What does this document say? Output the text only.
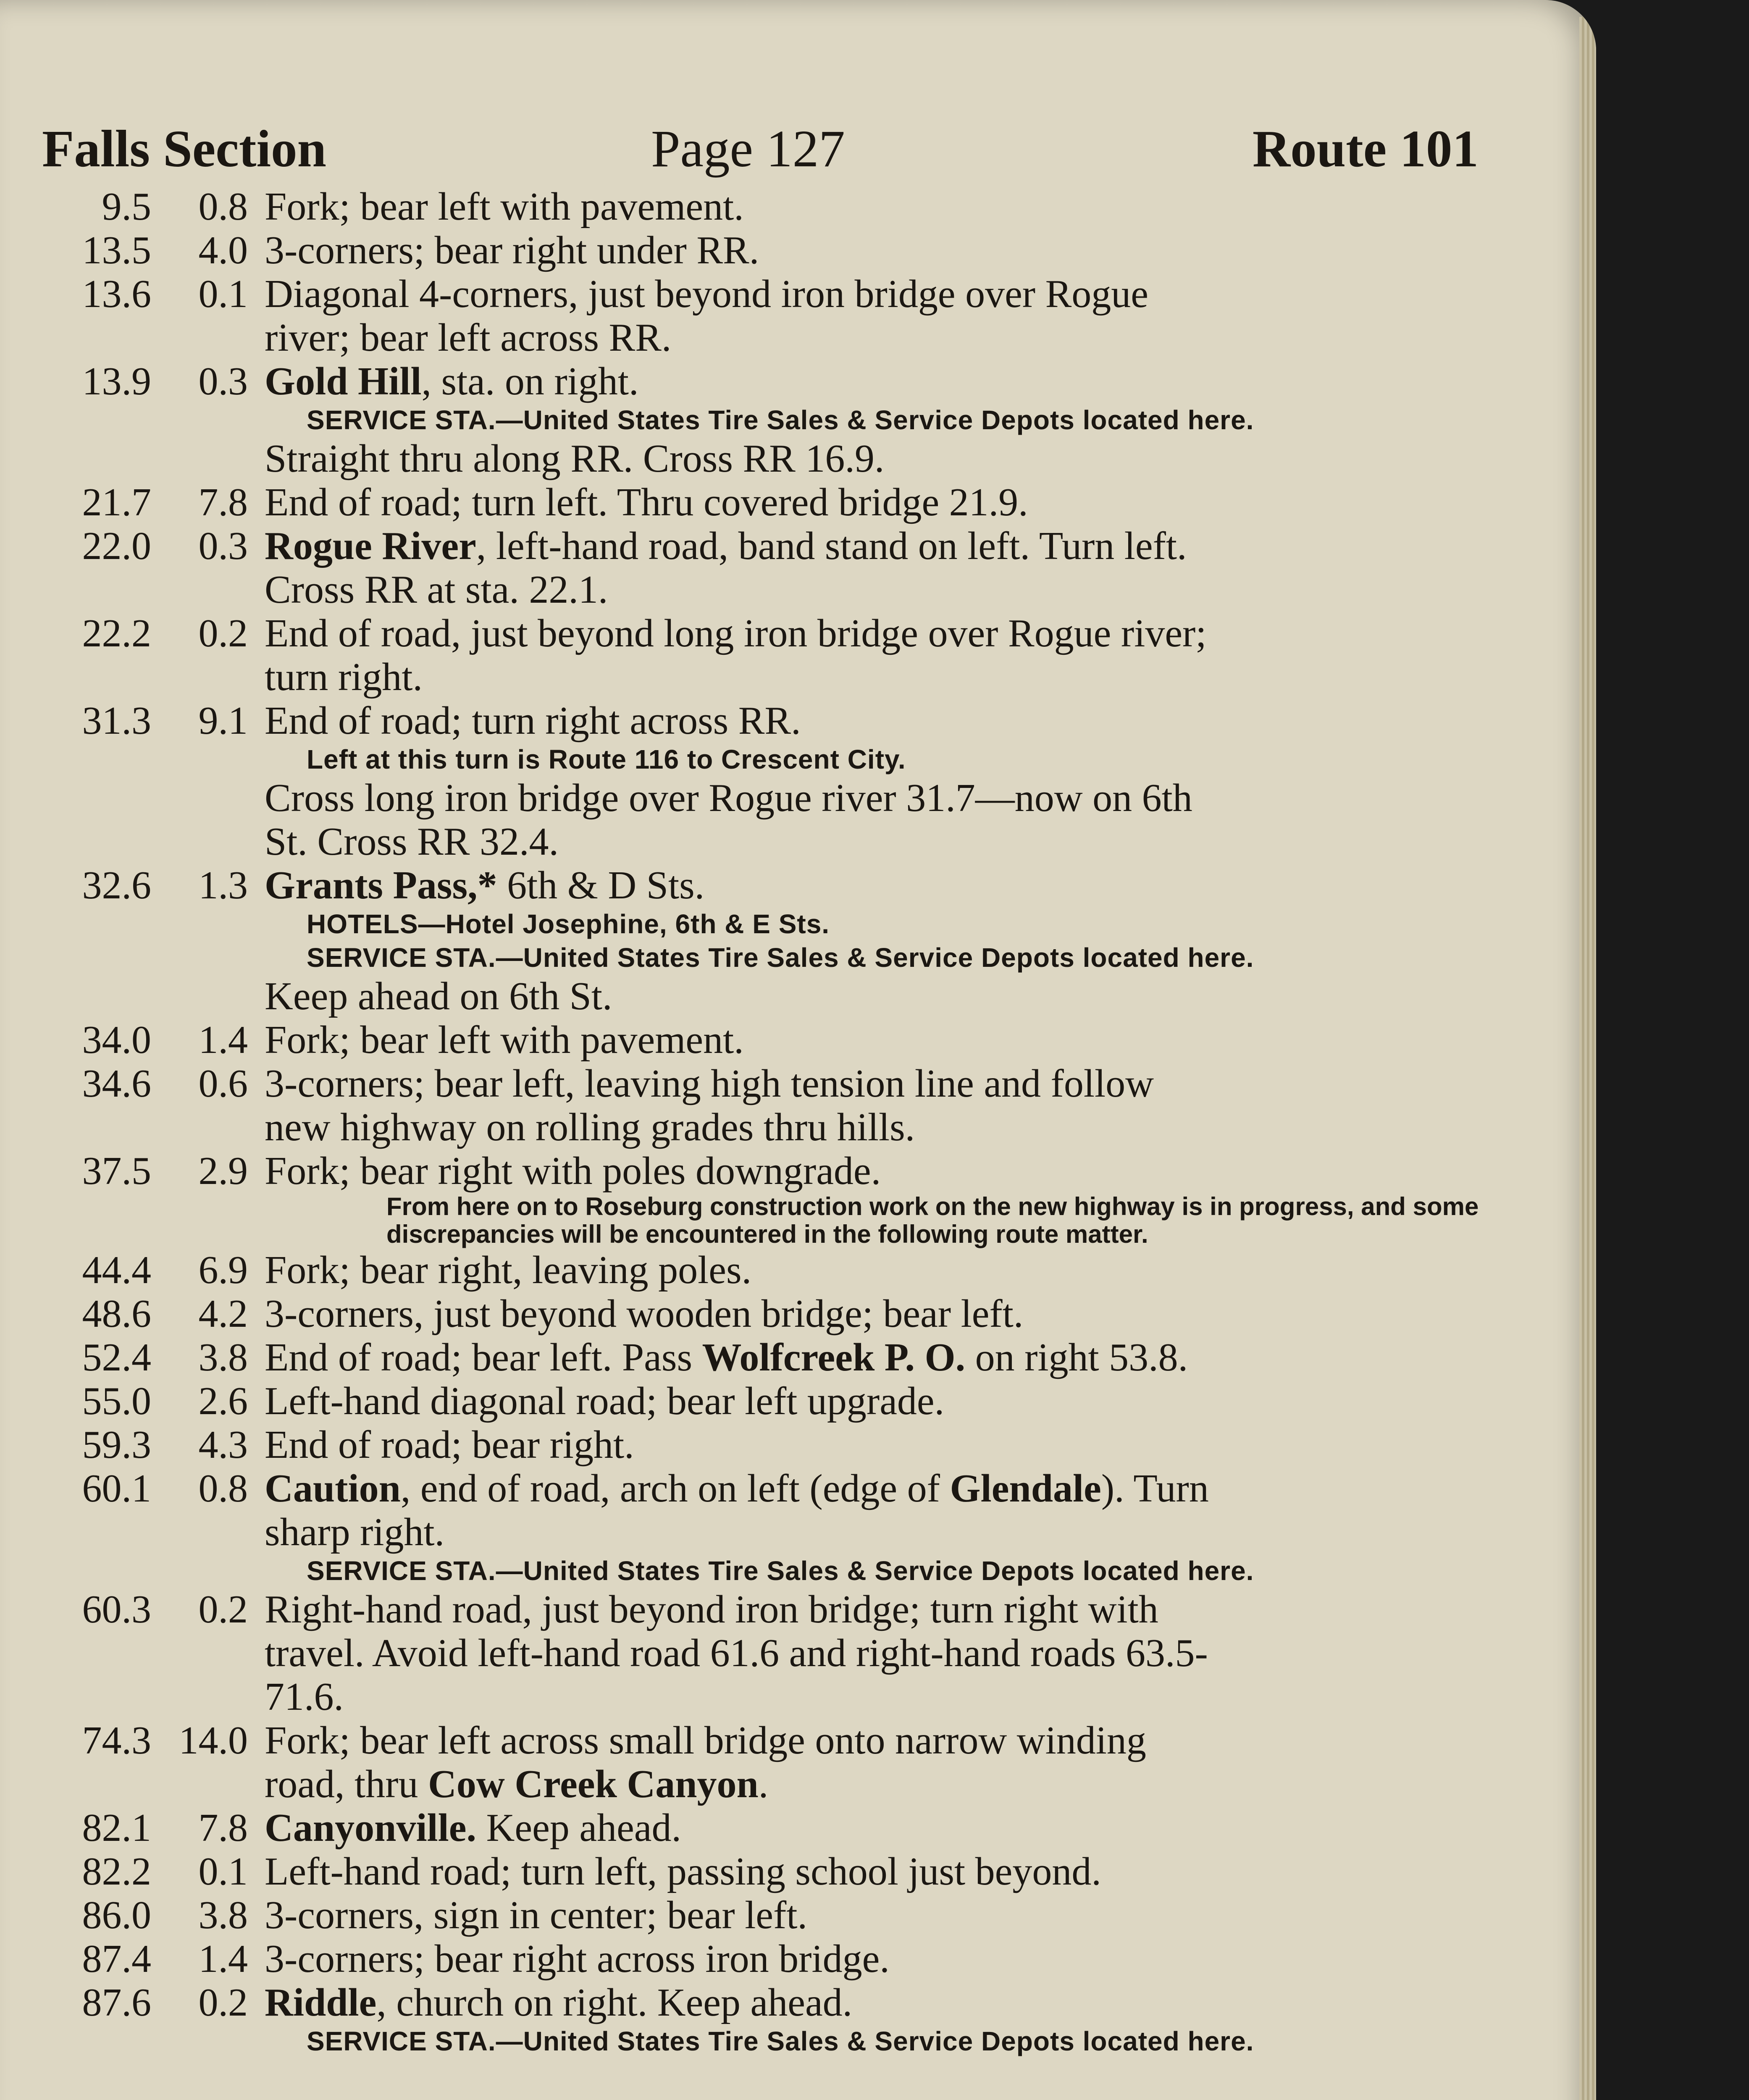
Falls Section	Page 127	Route 101
9.5	0.8 Fork; bear left with pavement.
13.5	4.0 3-corners; bear right under RR.
13.6	0.1 Diagonal 4-corners, just beyond iron bridge over Rogue
river; bear left across RR.
13.9	0.3 Gold Hill, sta. on right.
SERVICE STA.—United States Tire Sales & Service Depots located here.
Straight thru along RR. Cross RR 16.9.
21.7	7.8 End of road; turn left. Thru covered bridge 21.9.
22.0	0.3 Rogue River, left-hand road, band stand on left. Turn left.
Cross RR at sta. 22.1.
22.2	0.2 End of road, just beyond long iron bridge over Rogue river;
turn right.
31.3	9.1 End of road; turn right across RR.
Left at this turn is Route 116 to Crescent City.
Cross long iron bridge over Rogue river 31.7—now on 6th
St. Cross RR 32.4.
32.6	1.3 Grants Pass,* 6th & D Sts.
HOTELS—Hotel Josephine, 6th & E Sts.
SERVICE STA.—United States Tire Sales & Service Depots located here.
Keep ahead on 6th St.
34.0	1.4 Fork; bear left with pavement.
34.6	0.6 3-corners; bear left, leaving high tension line and follow
new highway on rolling grades thru hills.
37.5	2.9 Fork; bear right with poles downgrade.
From here on to Roseburg construction work on the new highway is in progress, and some discrepancies will be encountered in the following route matter.
44.4	6.9 Fork; bear right, leaving poles.
48.6	4.2 3-corners, just beyond wooden bridge; bear left.
52.4	3.8 End of road; bear left. Pass Wolfcreek P. O. on right 53.8.
55.0	2.6 Left-hand diagonal road; bear left upgrade.
59.3	4.3 End of road; bear right.
60.1	0.8 Caution, end of road, arch on left (edge of Glendale). Turn
sharp right.
SERVICE STA.—United States Tire Sales & Service Depots located here.
60.3	0.2 Right-hand road, just beyond iron bridge; turn right with
travel. Avoid left-hand road 61.6 and right-hand roads 63.5-
71.6.
74.3 14.0 Fork; bear left across small bridge onto narrow winding
road, thru Cow Creek Canyon.
82.1	7.8 Canyonville. Keep ahead.
82.2	0.1 Left-hand road; turn left, passing school just beyond.
86.0	3.8 3-corners, sign in center; bear left.
87.4	1.4 3-corners; bear right across iron bridge.
87.6	0.2 Riddle, church on right. Keep ahead.
SERVICE STA.—United States Tire Sales & Service Depots located here.
